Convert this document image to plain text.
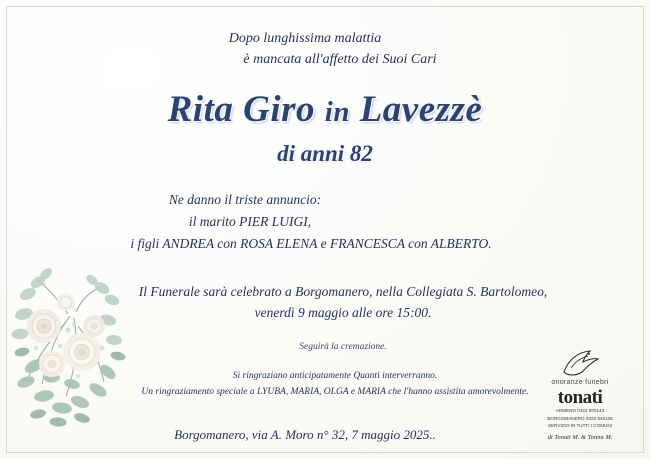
Dopo lunghissima malattia
è mancata all'affetto dei Suoi Cari
Rita Giro in Lavezzè
di anni 82
Ne danno il triste annuncio:
il marito PIER LUIGI,
i figli ANDREA con ROSA ELENA e FRANCESCA con ALBERTO.
Il Funerale sarà celebrato a Borgomanero, nella Collegiata S. Bartolomeo,
venerdì 9 maggio alle ore 15:00.
Seguirà la cremazione.
Si ringraziano anticipatamente Quanti interverranno.
Un ringraziamento speciale a LYUBA, MARIA, OLGA e MARIA che l'hanno assistita amorevolmente.
Borgomanero, via A. Moro n° 32, 7 maggio 2025..
onoranze funebri
tonati
ARMENO 0322 900143
BORGOMANERO 0322 846106
SERVIZIO IN TUTTI I COMUNI
di Tonati M. & Tonna M.
